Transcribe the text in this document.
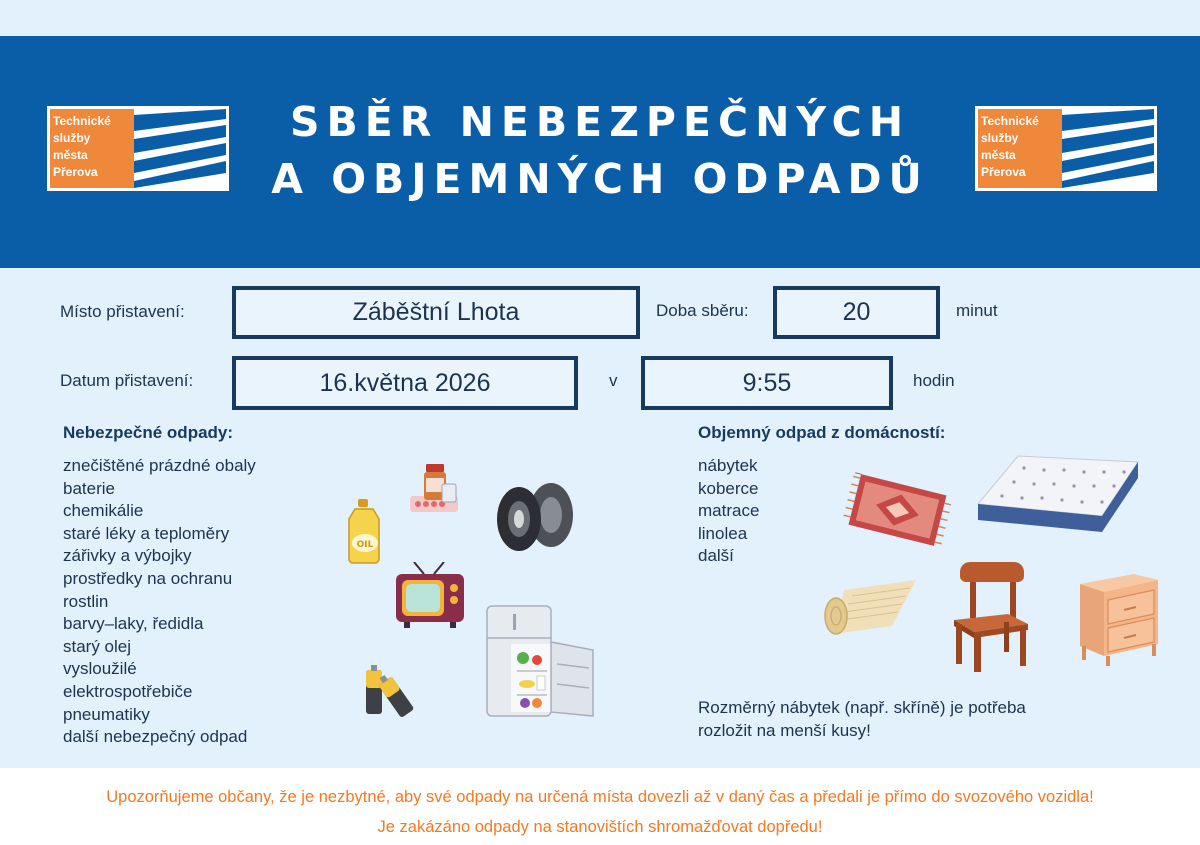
Technické
služby
města
Přerova
SBĚR NEBEZPEČNÝCH
A OBJEMNÝCH ODPADŮ
Technické
služby
města
Přerova
Místo přistavení:	Záběštní Lhota	Doba sběru:	20	minut
Datum přistavení:	16.května 2026	v	9:55	hodin
Nebezpečné odpady:
znečištěné prázdné obaly
baterie
chemikálie
staré léky a teploměry
zářivky a výbojky
prostředky na ochranu
rostlin
barvy–laky, ředidla
starý olej
vysloužilé
elektrospotřebiče
pneumatiky
další nebezpečný odpad
OIL
Objemný odpad z domácností:
nábytek
koberce
matrace
linolea
další
Rozměrný nábytek (např. skříně) je potřeba
rozložit na menší kusy!
Upozorňujeme občany, že je nezbytné, aby své odpady na určená místa dovezli až v daný čas a předali je přímo do svozového vozidla!
Je zakázáno odpady na stanovištích shromažďovat dopředu!
